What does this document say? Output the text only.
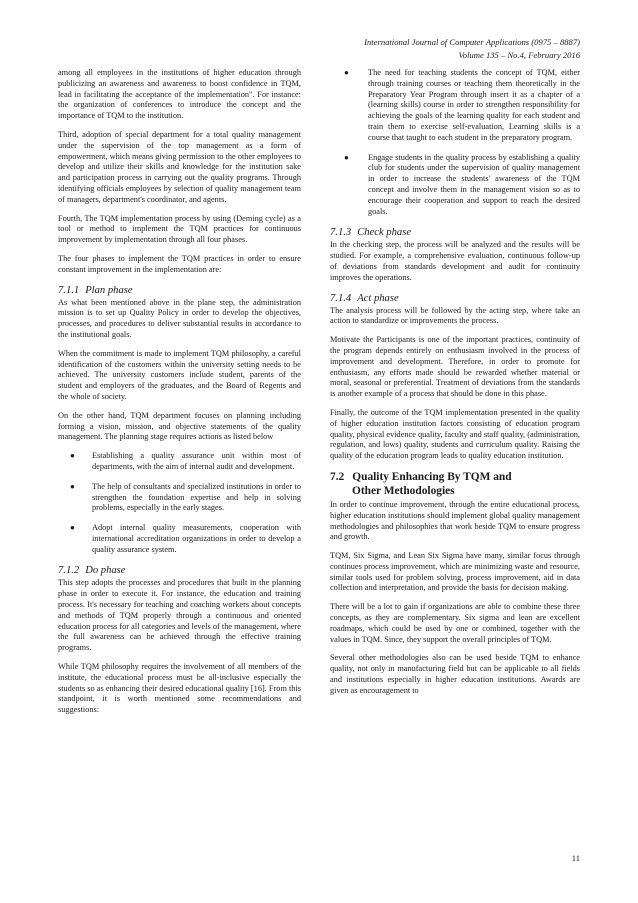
International Journal of Computer Applications (0975 – 8887)
Volume 135 – No.4, February 2016

among all employees in the institutions of higher education through publicizing an awareness and awareness to boost confidence in TQM, lead in facilitating the acceptance of the implementation". For instance: the organization of conferences to introduce the concept and the importance of TQM to the institution.

Third, adoption of special department for a total quality management under the supervision of the top management as a form of empowerment, which means giving permission to the other employees to develop and utilize their skills and knowledge for the institution sake and participation process in carrying out the quality programs. Through identifying officials employees by selection of quality management team of managers, department's coordinator, and agents.

Fourth, The TQM implementation process by using (Deming cycle) as a tool or method to implement the TQM practices for continuous improvement by implementation through all four phases.

The four phases to implement the TQM practices in order to ensure constant improvement in the implementation are:

7.1.1 Plan phase

As what been mentioned above in the plane step, the administration mission is to set up Quality Policy in order to develop the objectives, processes, and procedures to deliver substantial results in accordance to the institutional goals.

When the commitment is made to implement TQM philosophy, a careful identification of the customers within the university setting needs to be achieved. The university customers include student, parents of the student and employers of the graduates, and the Board of Regents and the whole of society.

On the other hand, TQM department focuses on planning including forming a vision, mission, and objective statements of the quality management. The planning stage requires actions as listed below

● Establishing a quality assurance unit within most of departments, with the aim of internal audit and development.
● The help of consultants and specialized institutions in order to strengthen the foundation expertise and help in solving problems, especially in the early stages.
● Adopt internal quality measurements, cooperation with international accreditation organizations in order to develop a quality assurance system.
7.1.2 Do phase

This step adopts the processes and procedures that built in the planning phase in order to execute it. For instance, the education and training process. It's necessary for teaching and coaching workers about concepts and methods of TQM properly through a continuous and oriented education process for all categories and levels of the management, where the full awareness can be achieved through the effective training programs.

While TQM philosophy requires the involvement of all members of the institute, the educational process must be all-inclusive especially the students so as enhancing their desired educational quality [16]. From this standpoint, it is worth mentioned some recommendations and suggestions:

● The need for teaching students the concept of TQM, either through training courses or teaching them theoretically in the Preparatory Year Program through insert it as a chapter of a (learning skills) course in order to strengthen responsibility for achieving the goals of the learning quality for each student and train them to exercise self-evaluation, Learning skills is a course that taught to each student in the preparatory program.
● Engage students in the quality process by establishing a quality club for students under the supervision of quality management in order to increase the students' awareness of the TQM concept and involve them in the management vision so as to encourage their cooperation and support to reach the desired goals.
7.1.3 Check phase

In the checking step, the process will be analyzed and the results will be studied. For example, a comprehensive evaluation, continuous follow-up of deviations from standards development and audit for continuity improves the operations.

7.1.4 Act phase

The analysis process will be followed by the acting step, where take an action to standardize or improvements the process.

Motivate the Participants is one of the important practices, continuity of the program depends entirely on enthusiasm involved in the process of improvement and development. Therefore, in order to promote for enthusiasm, any efforts made should be rewarded whether material or moral, seasonal or preferential. Treatment of deviations from the standards is another example of a process that should be done in this phase.

Finally, the outcome of the TQM implementation presented in the quality of higher education institution factors consisting of education program quality, physical evidence quality, faculty and staff quality, (administration, regulation, and lows) quality, students and curriculum quality. Raising the quality of the education program leads to quality education institution.

7.2 Quality Enhancing By TQM and
Other Methodologies

In order to continue improvement, through the entire educational process, higher education institutions should implement global quality management methodologies and philosophies that work beside TQM to ensure progress and growth.

TQM, Six Sigma, and Lean Six Sigma have many, similar focus through continues process improvement, which are minimizing waste and resource, similar tools used for problem solving, process improvement, aid in data collection and interpretation, and provide the basis for decision making.

There will be a lot to gain if organizations are able to combine these three concepts, as they are complementary. Six sigma and lean are excellent roadmaps, which could be used by one or combined, together with the values in TQM. Since, they support the overall principles of TQM.

Several other methodologies also can be used beside TQM to enhance quality, not only in manufacturing field but can be applicable to all fields and institutions especially in higher education institutions. Awards are given as encouragement to

11
